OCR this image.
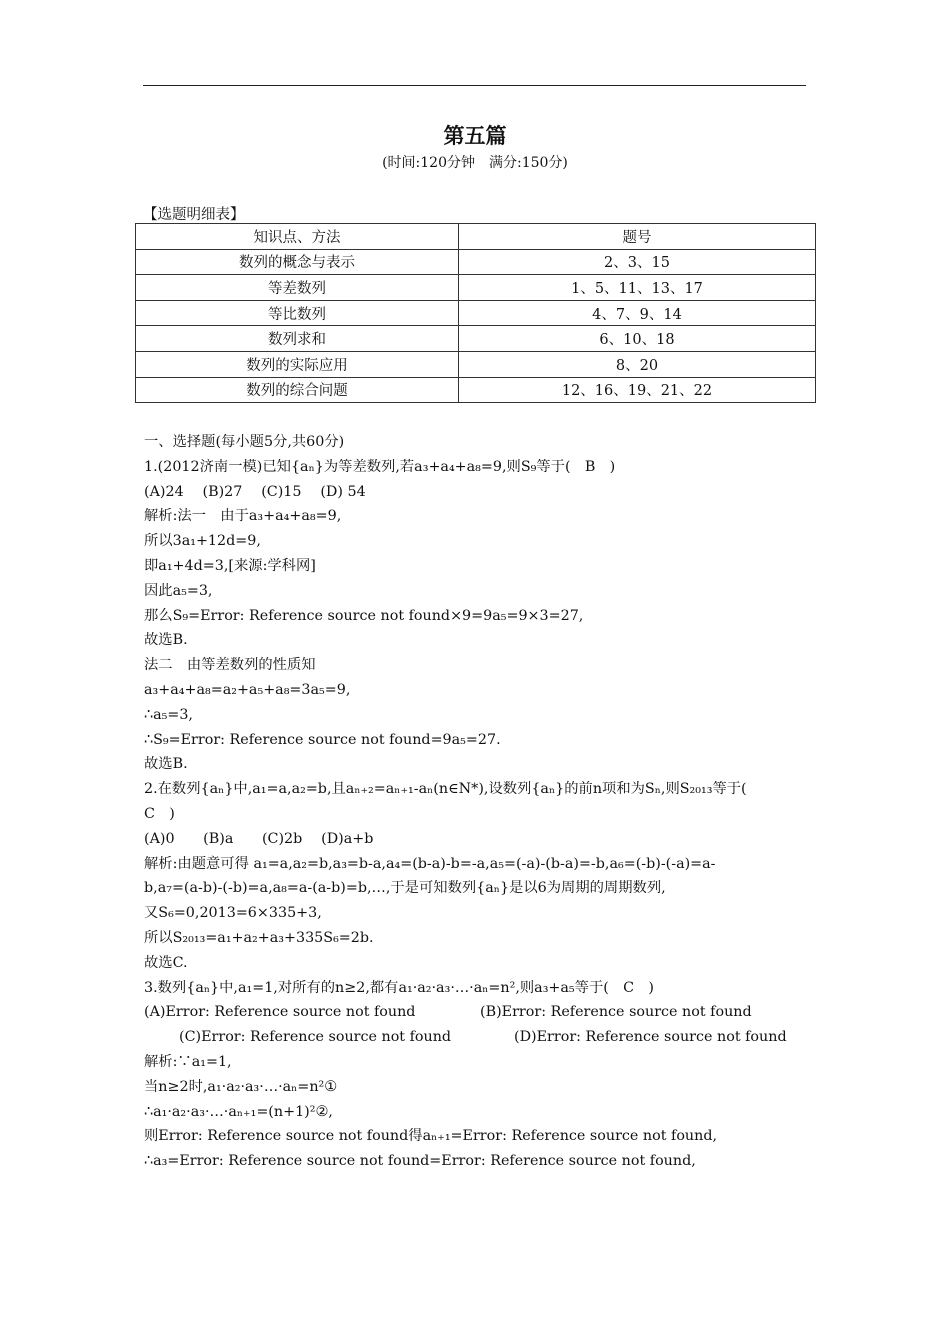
第五篇
(时间:120分钟　满分:150分)
【选题明细表】
知识点、方法	题号
数列的概念与表示	2、3、15
等差数列	1、5、11、13、17
等比数列	4、7、9、14
数列求和	6、10、18
数列的实际应用	8、20
数列的综合问题	12、16、19、21、22
一、选择题(每小题5分,共60分)
1.(2012济南一模)已知{aₙ}为等差数列,若a₃+a₄+a₈=9,则S₉等于(　B　)
(A)24　 (B)27　 (C)15　 (D) 54
解析:法一　由于a₃+a₄+a₈=9,
所以3a₁+12d=9,
即a₁+4d=3,[来源:学科网]
因此a₅=3,
那么S₉=Error: Reference source not found×9=9a₅=9×3=27,
故选B.
法二　由等差数列的性质知
a₃+a₄+a₈=a₂+a₅+a₈=3a₅=9,
∴a₅=3,
∴S₉=Error: Reference source not found=9a₅=27.
故选B.
2.在数列{aₙ}中,a₁=a,a₂=b,且aₙ₊₂=aₙ₊₁-aₙ(n∈N*),设数列{aₙ}的前n项和为Sₙ,则S₂₀₁₃等于(
C　)
(A)0　　(B)a　　(C)2b　 (D)a+b
解析:由题意可得 a₁=a,a₂=b,a₃=b-a,a₄=(b-a)-b=-a,a₅=(-a)-(b-a)=-b,a₆=(-b)-(-a)=a-
b,a₇=(a-b)-(-b)=a,a₈=a-(a-b)=b,…,于是可知数列{aₙ}是以6为周期的周期数列,
又S₆=0,2013=6×335+3,
所以S₂₀₁₃=a₁+a₂+a₃+335S₆=2b.
故选C.
3.数列{aₙ}中,a₁=1,对所有的n≥2,都有a₁·a₂·a₃·…·aₙ=n²,则a₃+a₅等于(　C　)
(A)Error: Reference source not found	(B)Error: Reference source not found
(C)Error: Reference source not found	(D)Error: Reference source not found
解析:∵a₁=1,
当n≥2时,a₁·a₂·a₃·…·aₙ=n²①
∴a₁·a₂·a₃·…·aₙ₊₁=(n+1)²②,
则Error: Reference source not found得aₙ₊₁=Error: Reference source not found,
∴a₃=Error: Reference source not found=Error: Reference source not found,
